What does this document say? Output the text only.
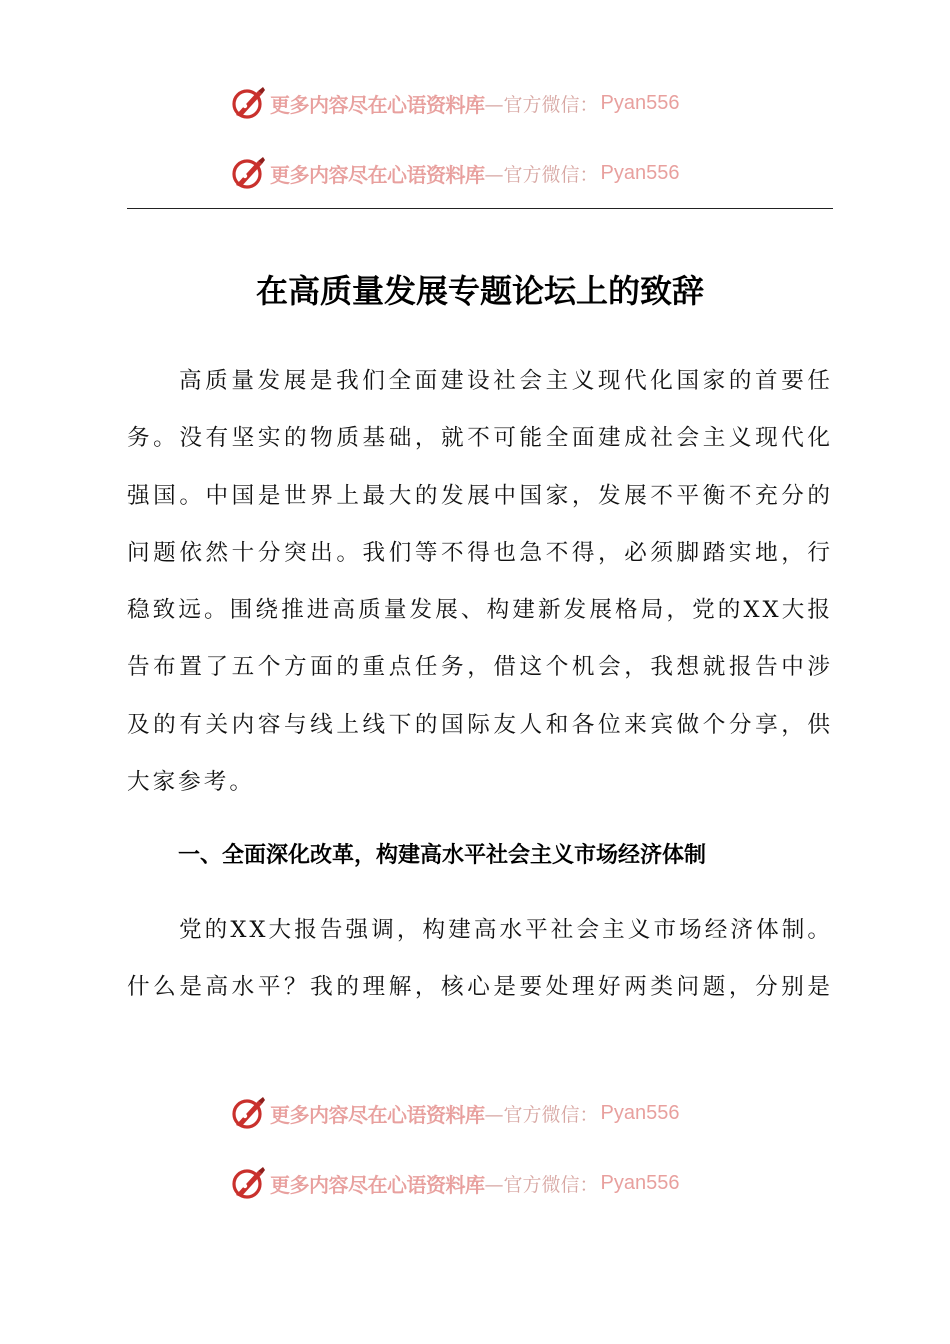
更多内容尽在心语资料库 —官方微信： Pyan556
更多内容尽在心语资料库 —官方微信： Pyan556
在高质量发展专题论坛上的致辞
高质量发展是我们全面建设社会主义现代化国家的首要任
务。没有坚实的物质基础，就不可能全面建成社会主义现代化
强国。中国是世界上最大的发展中国家，发展不平衡不充分的
问题依然十分突出。我们等不得也急不得，必须脚踏实地，行
稳致远。围绕推进高质量发展、构建新发展格局，党的XX大报
告布置了五个方面的重点任务，借这个机会，我想就报告中涉
及的有关内容与线上线下的国际友人和各位来宾做个分享，供
大家参考。
一、全面深化改革，构建高水平社会主义市场经济体制
党的XX大报告强调，构建高水平社会主义市场经济体制。
什么是高水平？我的理解，核心是要处理好两类问题，分别是
更多内容尽在心语资料库 —官方微信： Pyan556
更多内容尽在心语资料库 —官方微信： Pyan556
